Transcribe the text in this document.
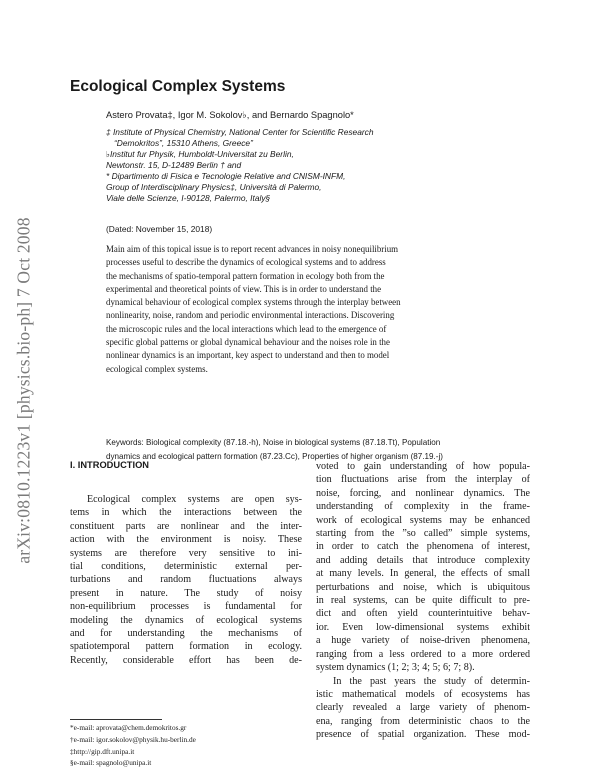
arXiv:0810.1223v1 [physics.bio-ph] 7 Oct 2008
Ecological Complex Systems
Astero Provata‡, Igor M. Sokolov♭, and Bernardo Spagnolo*
‡ Institute of Physical Chemistry, National Center for Scientific Research
“Demokritos”, 15310 Athens, Greece”
♭Institut fur Physik, Humboldt-Universitat zu Berlin,
Newtonstr. 15, D-12489 Berlin † and
* Dipartimento di Fisica e Tecnologie Relative and CNISM-INFM,
Group of Interdisciplinary Physics‡, Università di Palermo,
Viale delle Scienze, I-90128, Palermo, Italy§
(Dated: November 15, 2018)
Main aim of this topical issue is to report recent advances in noisy nonequilibrium
processes useful to describe the dynamics of ecological systems and to address
the mechanisms of spatio-temporal pattern formation in ecology both from the
experimental and theoretical points of view. This is in order to understand the
dynamical behaviour of ecological complex systems through the interplay between
nonlinearity, noise, random and periodic environmental interactions. Discovering
the microscopic rules and the local interactions which lead to the emergence of
specific global patterns or global dynamical behaviour and the noises role in the
nonlinear dynamics is an important, key aspect to understand and then to model
ecological complex systems.
Keywords: Biological complexity (87.18.-h), Noise in biological systems (87.18.Tt), Population
dynamics and ecological pattern formation (87.23.Cc), Properties of higher organism (87.19.-j)
I. INTRODUCTION
Ecological complex systems are open sys-
tems in which the interactions between the
constituent parts are nonlinear and the inter-
action with the environment is noisy. These
systems are therefore very sensitive to ini-
tial conditions, deterministic external per-
turbations and random fluctuations always
present in nature. The study of noisy
non-equilibrium processes is fundamental for
modeling the dynamics of ecological systems
and for understanding the mechanisms of
spatiotemporal pattern formation in ecology.
Recently, considerable effort has been de-
voted to gain understanding of how popula-
tion fluctuations arise from the interplay of
noise, forcing, and nonlinear dynamics. The
understanding of complexity in the frame-
work of ecological systems may be enhanced
starting from the ”so called” simple systems,
in order to catch the phenomena of interest,
and adding details that introduce complexity
at many levels. In general, the effects of small
perturbations and noise, which is ubiquitous
in real systems, can be quite difficult to pre-
dict and often yield counterintuitive behav-
ior. Even low-dimensional systems exhibit
a huge variety of noise-driven phenomena,
ranging from a less ordered to a more ordered
system dynamics (1; 2; 3; 4; 5; 6; 7; 8).
In the past years the study of determin-
istic mathematical models of ecosystems has
clearly revealed a large variety of phenom-
ena, ranging from deterministic chaos to the
presence of spatial organization. These mod-
*e-mail: aprovata@chem.demokritos.gr
†e-mail: igor.sokolov@physik.hu-berlin.de
‡http://gip.dft.unipa.it
§e-mail: spagnolo@unipa.it
